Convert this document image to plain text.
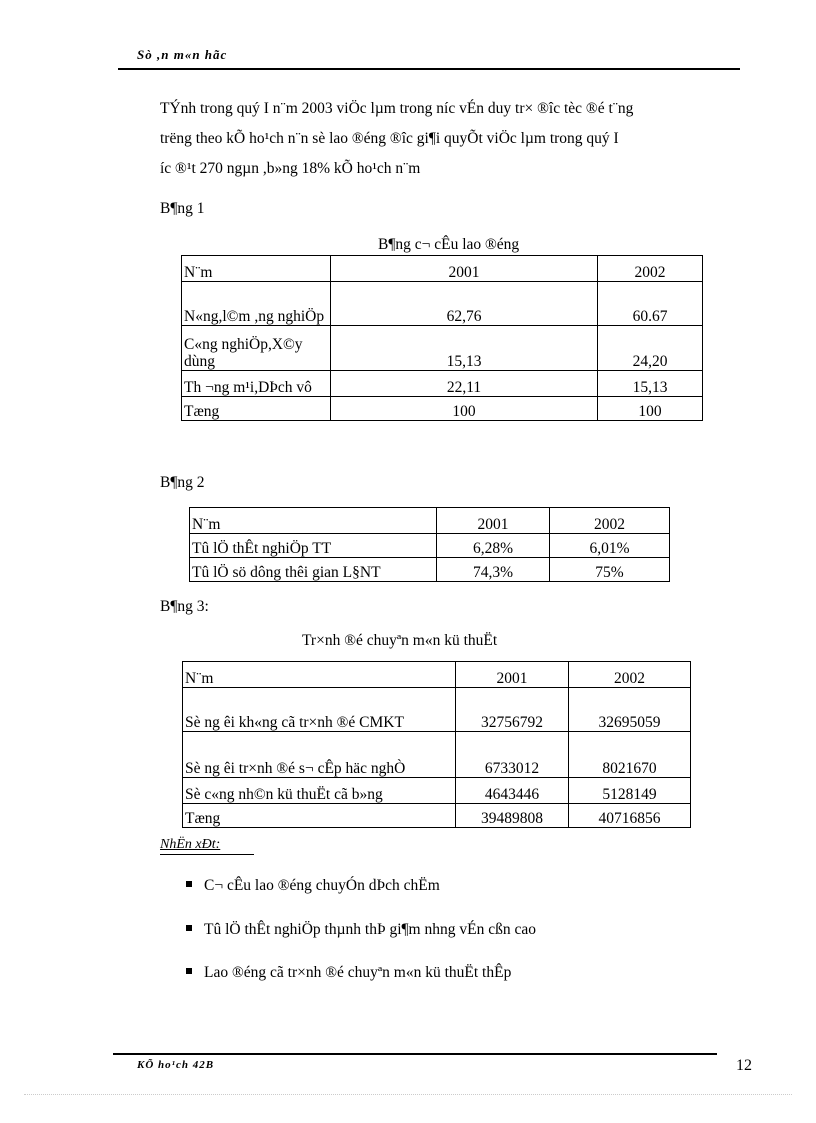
Sò ,n m«n hãc
TÝnh trong quý I n¨m 2003 viÖc lµm trong níc vÉn duy tr× ®îc tèc ®é t¨ng
trëng theo kÕ ho¹ch n¨n sè lao ®éng ®îc gi¶i quyÕt viÖc lµm trong quý I
íc ®¹t 270 ngµn ,b»ng 18% kÕ ho¹ch n¨m
B¶ng 1
B¶ng c¬ cÊu lao ®éng
N¨m	2001	2002
N«ng,l©m ,ng nghiÖp	62,76	60.67
C«ng nghiÖp,X©y dùng	15,13	24,20
Th ¬ng m¹i,DÞch vô	22,11	15,13
Tæng	100	100
B¶ng 2
N¨m	2001	2002
Tû lÖ thÊt nghiÖp TT	6,28%	6,01%
Tû lÖ sö dông thêi gian L§NT	74,3%	75%
B¶ng 3:
Tr×nh ®é chuyªn m«n kü thuËt
N¨m	2001	2002
Sè ng êi kh«ng cã tr×nh ®é CMKT	32756792	32695059
Sè ng êi tr×nh ®é s¬ cÊp häc nghÒ	6733012	8021670
Sè c«ng nh©n kü thuËt cã b»ng	4643446	5128149
Tæng	39489808	40716856
NhËn xÐt:
C¬ cÊu lao ®éng chuyÓn dÞch chËm
Tû lÖ thÊt nghiÖp thµnh thÞ gi¶m nhng vÉn cßn cao
Lao ®éng cã tr×nh ®é chuyªn m«n kü thuËt thÊp
KÕ ho¹ch 42B	12
